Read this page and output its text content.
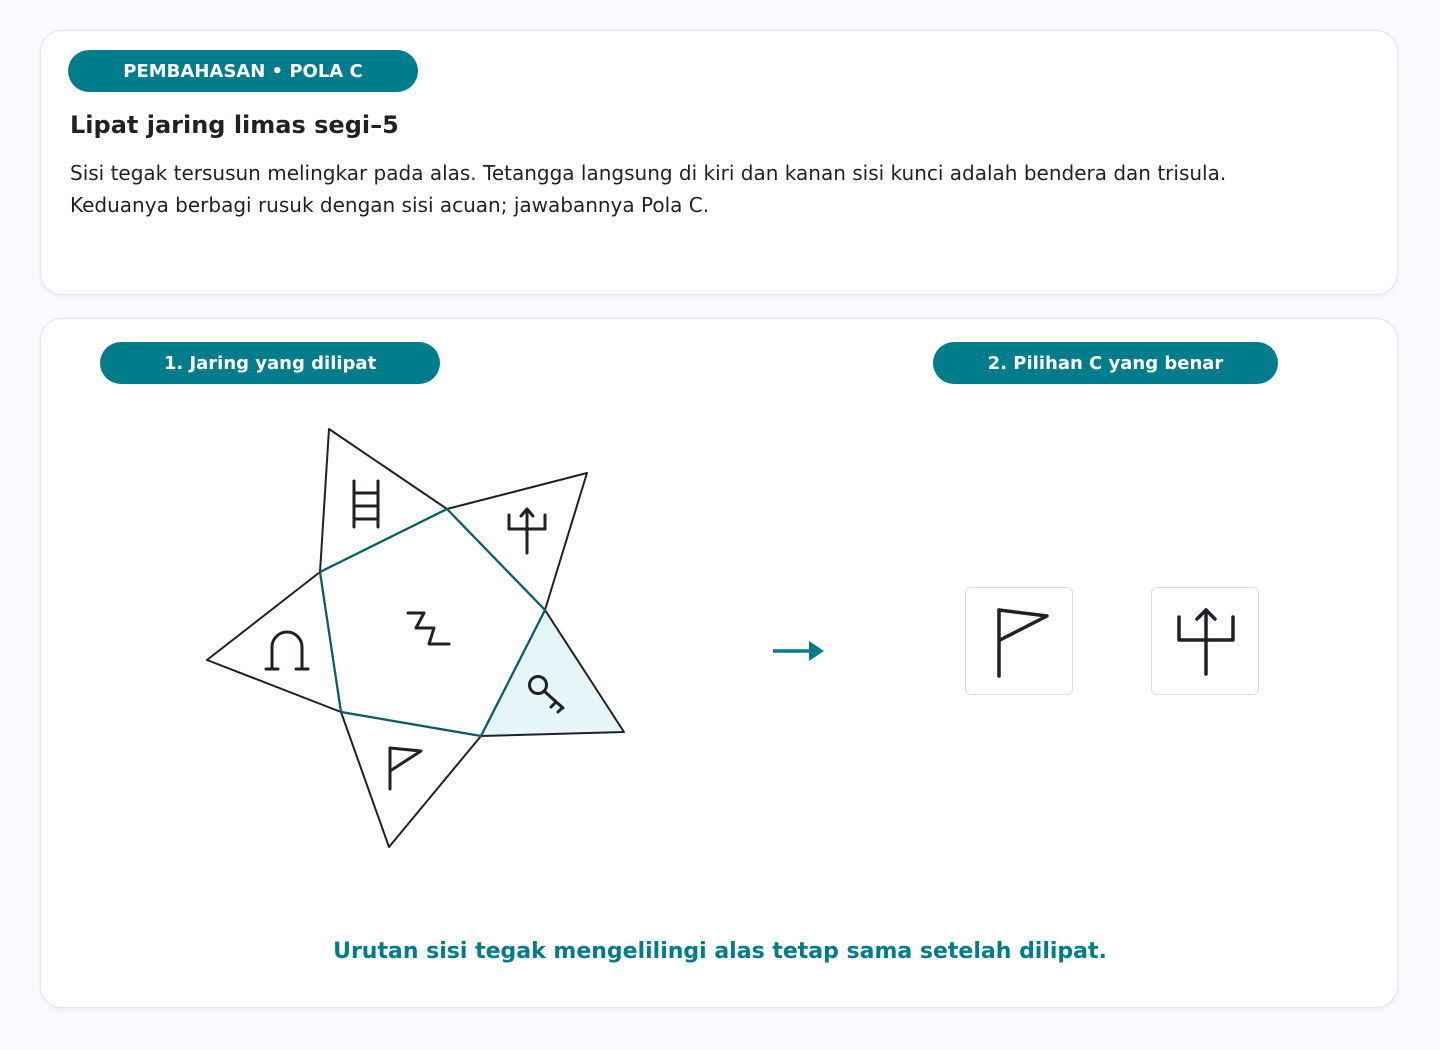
PEMBAHASAN • POLA C
Lipat jaring limas segi–5

Sisi tegak tersusun melingkar pada alas. Tetangga langsung di kiri dan kanan sisi kunci adalah bendera dan trisula.

Keduanya berbagi rusuk dengan sisi acuan; jawabannya Pola C.

1. Jaring yang dilipat	2. Pilihan C yang benar
Urutan sisi tegak mengelilingi alas tetap sama setelah dilipat.
